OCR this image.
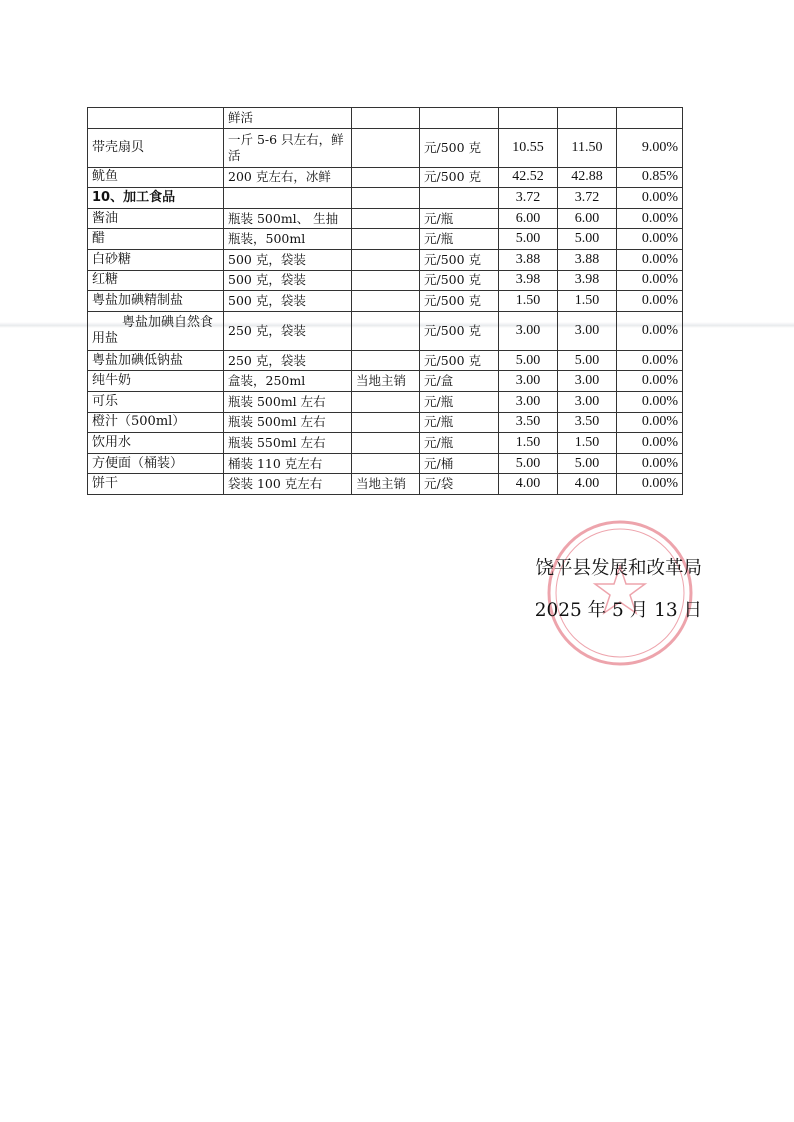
	鲜活					
带壳扇贝	一斤 5-6 只左右，鲜活		元/500 克	10.55	11.50	9.00%
鱿鱼	200 克左右，冰鲜		元/500 克	42.52	42.88	0.85%
10、加工食品				3.72	3.72	0.00%
酱油	瓶装 500ml、 生抽		元/瓶	6.00	6.00	0.00%
醋	瓶装，500ml		元/瓶	5.00	5.00	0.00%
白砂糖	500 克，袋装		元/500 克	3.88	3.88	0.00%
红糖	500 克，袋装		元/500 克	3.98	3.98	0.00%
粤盐加碘精制盐	500 克，袋装		元/500 克	1.50	1.50	0.00%
粤盐加碘自然食用盐	250 克，袋装		元/500 克	3.00	3.00	0.00%
粤盐加碘低钠盐	250 克，袋装		元/500 克	5.00	5.00	0.00%
纯牛奶	盒装，250ml	当地主销	元/盒	3.00	3.00	0.00%
可乐	瓶装 500ml 左右		元/瓶	3.00	3.00	0.00%
橙汁（500ml）	瓶装 500ml 左右		元/瓶	3.50	3.50	0.00%
饮用水	瓶装 550ml 左右		元/瓶	1.50	1.50	0.00%
方便面（桶装）	桶装 110 克左右		元/桶	5.00	5.00	0.00%
饼干	袋装 100 克左右	当地主销	元/袋	4.00	4.00	0.00%
饶平县发展和改革局
2025 年 5 月 13 日
